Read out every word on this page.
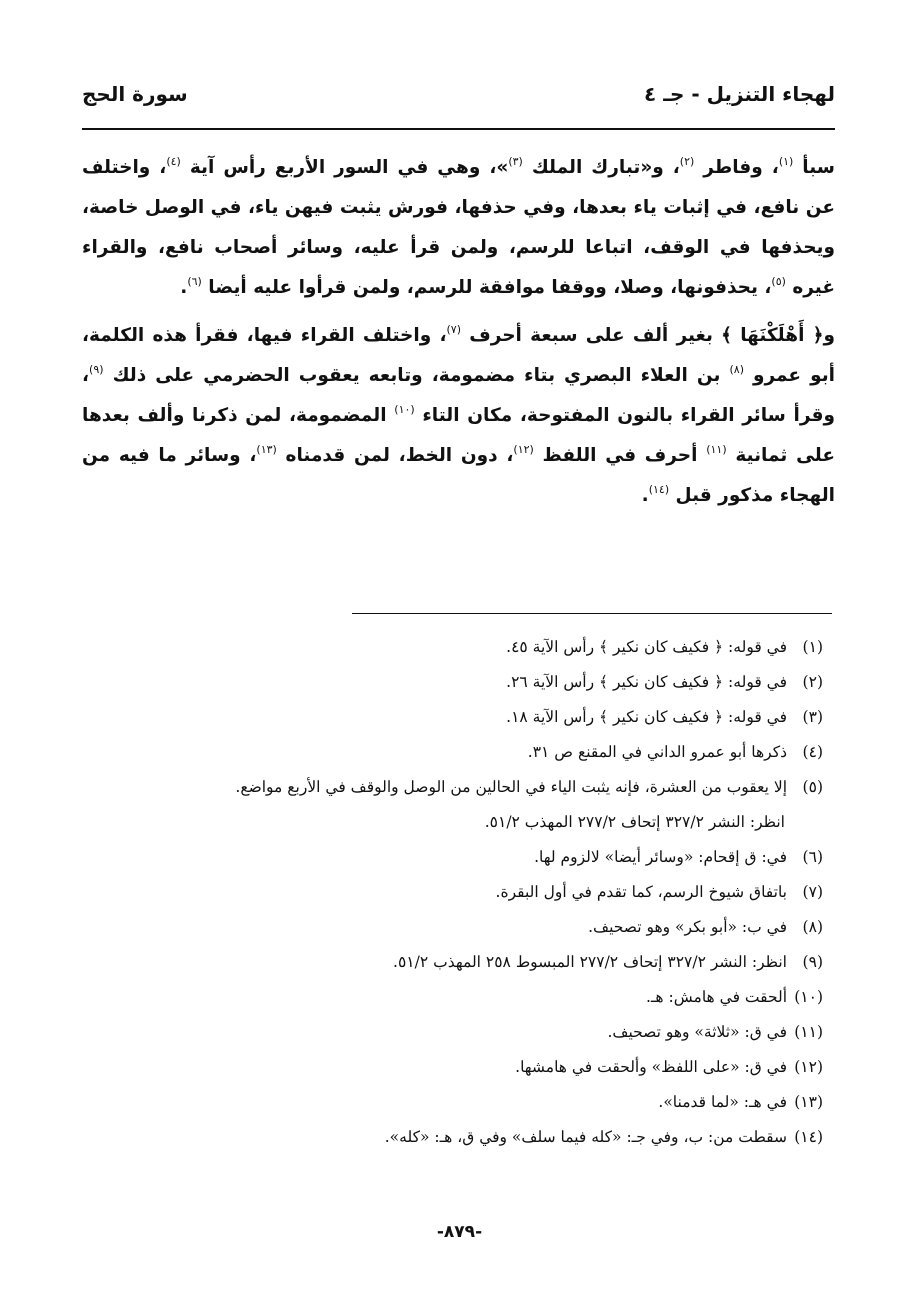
لهجاء التنزيل - جـ ٤
سورة الحج

سبأ $^{(١)}$، وفاطر $^{(٢)}$، و«تبارك الملك $^{(٣)}$»، وهي في السور الأربع رأس آية $^{(٤)}$، واختلف عن نافع، في إثبات ياء بعدها، وفي حذفها، فورش يثبت فيهن ياء، في الوصل خاصة، ويحذفها في الوقف، اتباعا للرسم، ولمن قرأ عليه، وسائر أصحاب نافع، والقراء غيره $^{(٥)}$، يحذفونها، وصلا، ووقفا موافقة للرسم، ولمن قرأوا عليه أيضا $^{(٦)}$.

و﴿ أَهْلَكْنَهَا ﴾ بغير ألف على سبعة أحرف $^{(٧)}$، واختلف القراء فيها، فقرأ هذه الكلمة، أبو عمرو $^{(٨)}$ بن العلاء البصري بتاء مضمومة، وتابعه يعقوب الحضرمي على ذلك $^{(٩)}$، وقرأ سائر القراء بالنون المفتوحة، مكان التاء $^{(١٠)}$ المضمومة، لمن ذكرنا وألف بعدها على ثمانية $^{(١١)}$ أحرف في اللفظ $^{(١٢)}$، دون الخط، لمن قدمناه $^{(١٣)}$، وسائر ما فيه من الهجاء مذكور قبل $^{(١٤)}$.

(١)في قوله: ﴿ فكيف كان نكير ﴾ رأس الآية ٤٥.
(٢)في قوله: ﴿ فكيف كان نكير ﴾ رأس الآية ٢٦.
(٣)في قوله: ﴿ فكيف كان نكير ﴾ رأس الآية ١٨.
(٤)ذكرها أبو عمرو الداني في المقنع ص ٣١.
(٥)إلا يعقوب من العشرة، فإنه يثبت الياء في الحالين من الوصل والوقف في الأربع مواضع.
انظر: النشر ٣٢٧/٢ إتحاف ٢٧٧/٢ المهذب ٥١/٢.
(٦)في: ق إقحام: «وسائر أيضا» لالزوم لها.
(٧)باتفاق شيوخ الرسم، كما تقدم في أول البقرة.
(٨)في ب: «أبو بكر» وهو تصحيف.
(٩)انظر: النشر ٣٢٧/٢ إتحاف ٢٧٧/٢ المبسوط ٢٥٨ المهذب ٥١/٢.
(١٠)ألحقت في هامش: هـ.
(١١)في ق: «ثلاثة» وهو تصحيف.
(١٢)في ق: «على اللفظ» وألحقت في هامشها.
(١٣)في هـ: «لما قدمنا».
(١٤)سقطت من: ب، وفي جـ: «كله فيما سلف» وفي ق، هـ: «كله».
-٨٧٩-
